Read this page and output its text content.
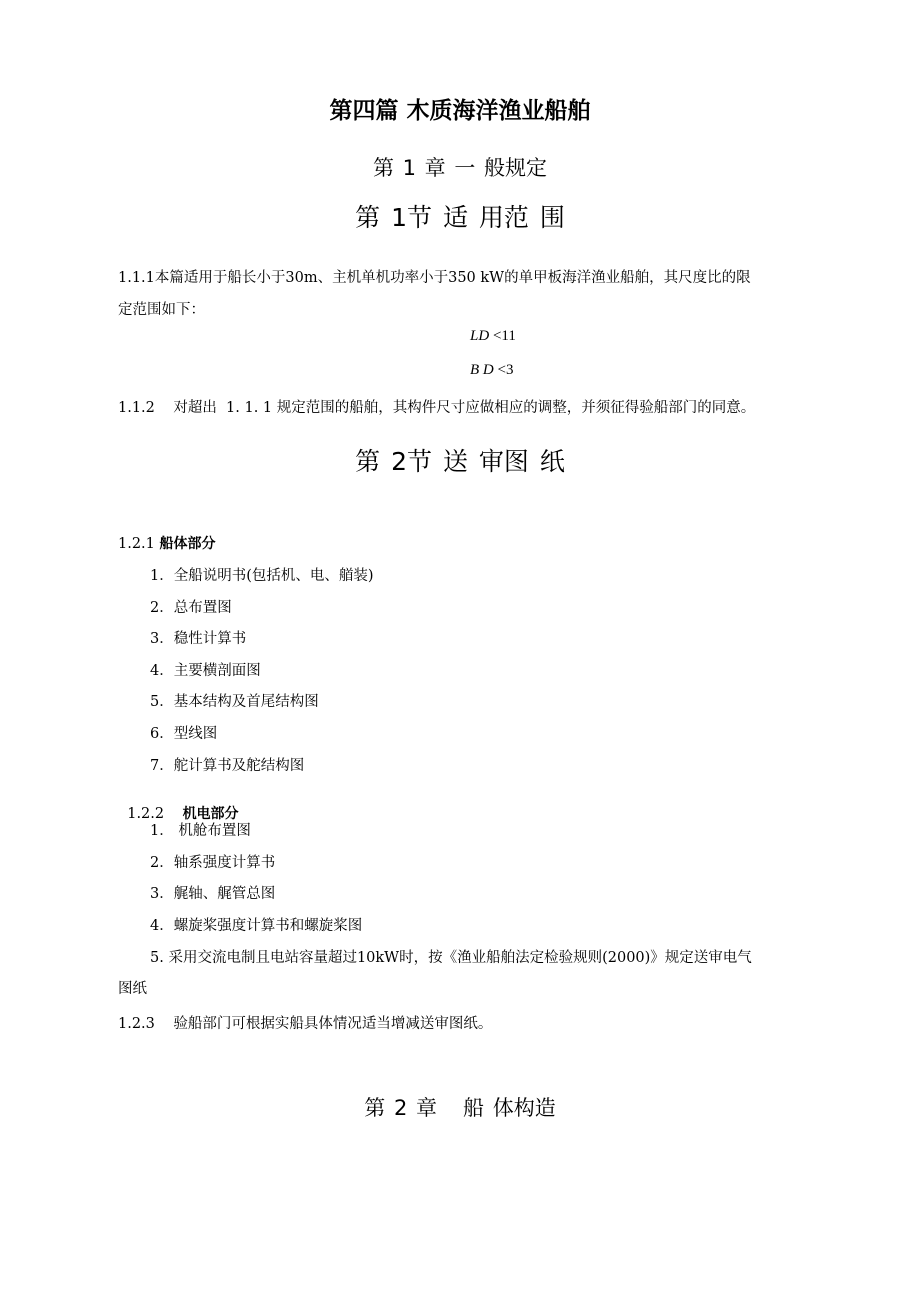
第四篇 木质海洋渔业船舶
第 1 章 一 般规定
第 1节 适 用范 围
1.1.1本篇适用于船长小于30m、主机单机功率小于350 kW的单甲板海洋渔业船舶，其尺度比的限
定范围如下：
LD <11
B D <3
1.1.2    对超出  1. 1. 1 规定范围的船舶，其构件尺寸应做相应的调整，并须征得验船部门的同意。
第 2节 送 审图 纸
1.2.1 船体部分
1．全船说明书(包括机、电、艏装)
2．总布置图
3．稳性计算书
4．主要横剖面图
5．基本结构及首尾结构图
6．型线图
7．舵计算书及舵结构图

1.2.2    机电部分

1． 机舱布置图
2．轴系强度计算书
3．艉轴、艉管总图
4．螺旋桨强度计算书和螺旋桨图
5. 采用交流电制且电站容量超过10kW时，按《渔业船舶法定检验规则(2000)》规定送审电气
图纸
1.2.3    验船部门可根据实船具体情况适当增减送审图纸。
第 2 章   船 体构造
